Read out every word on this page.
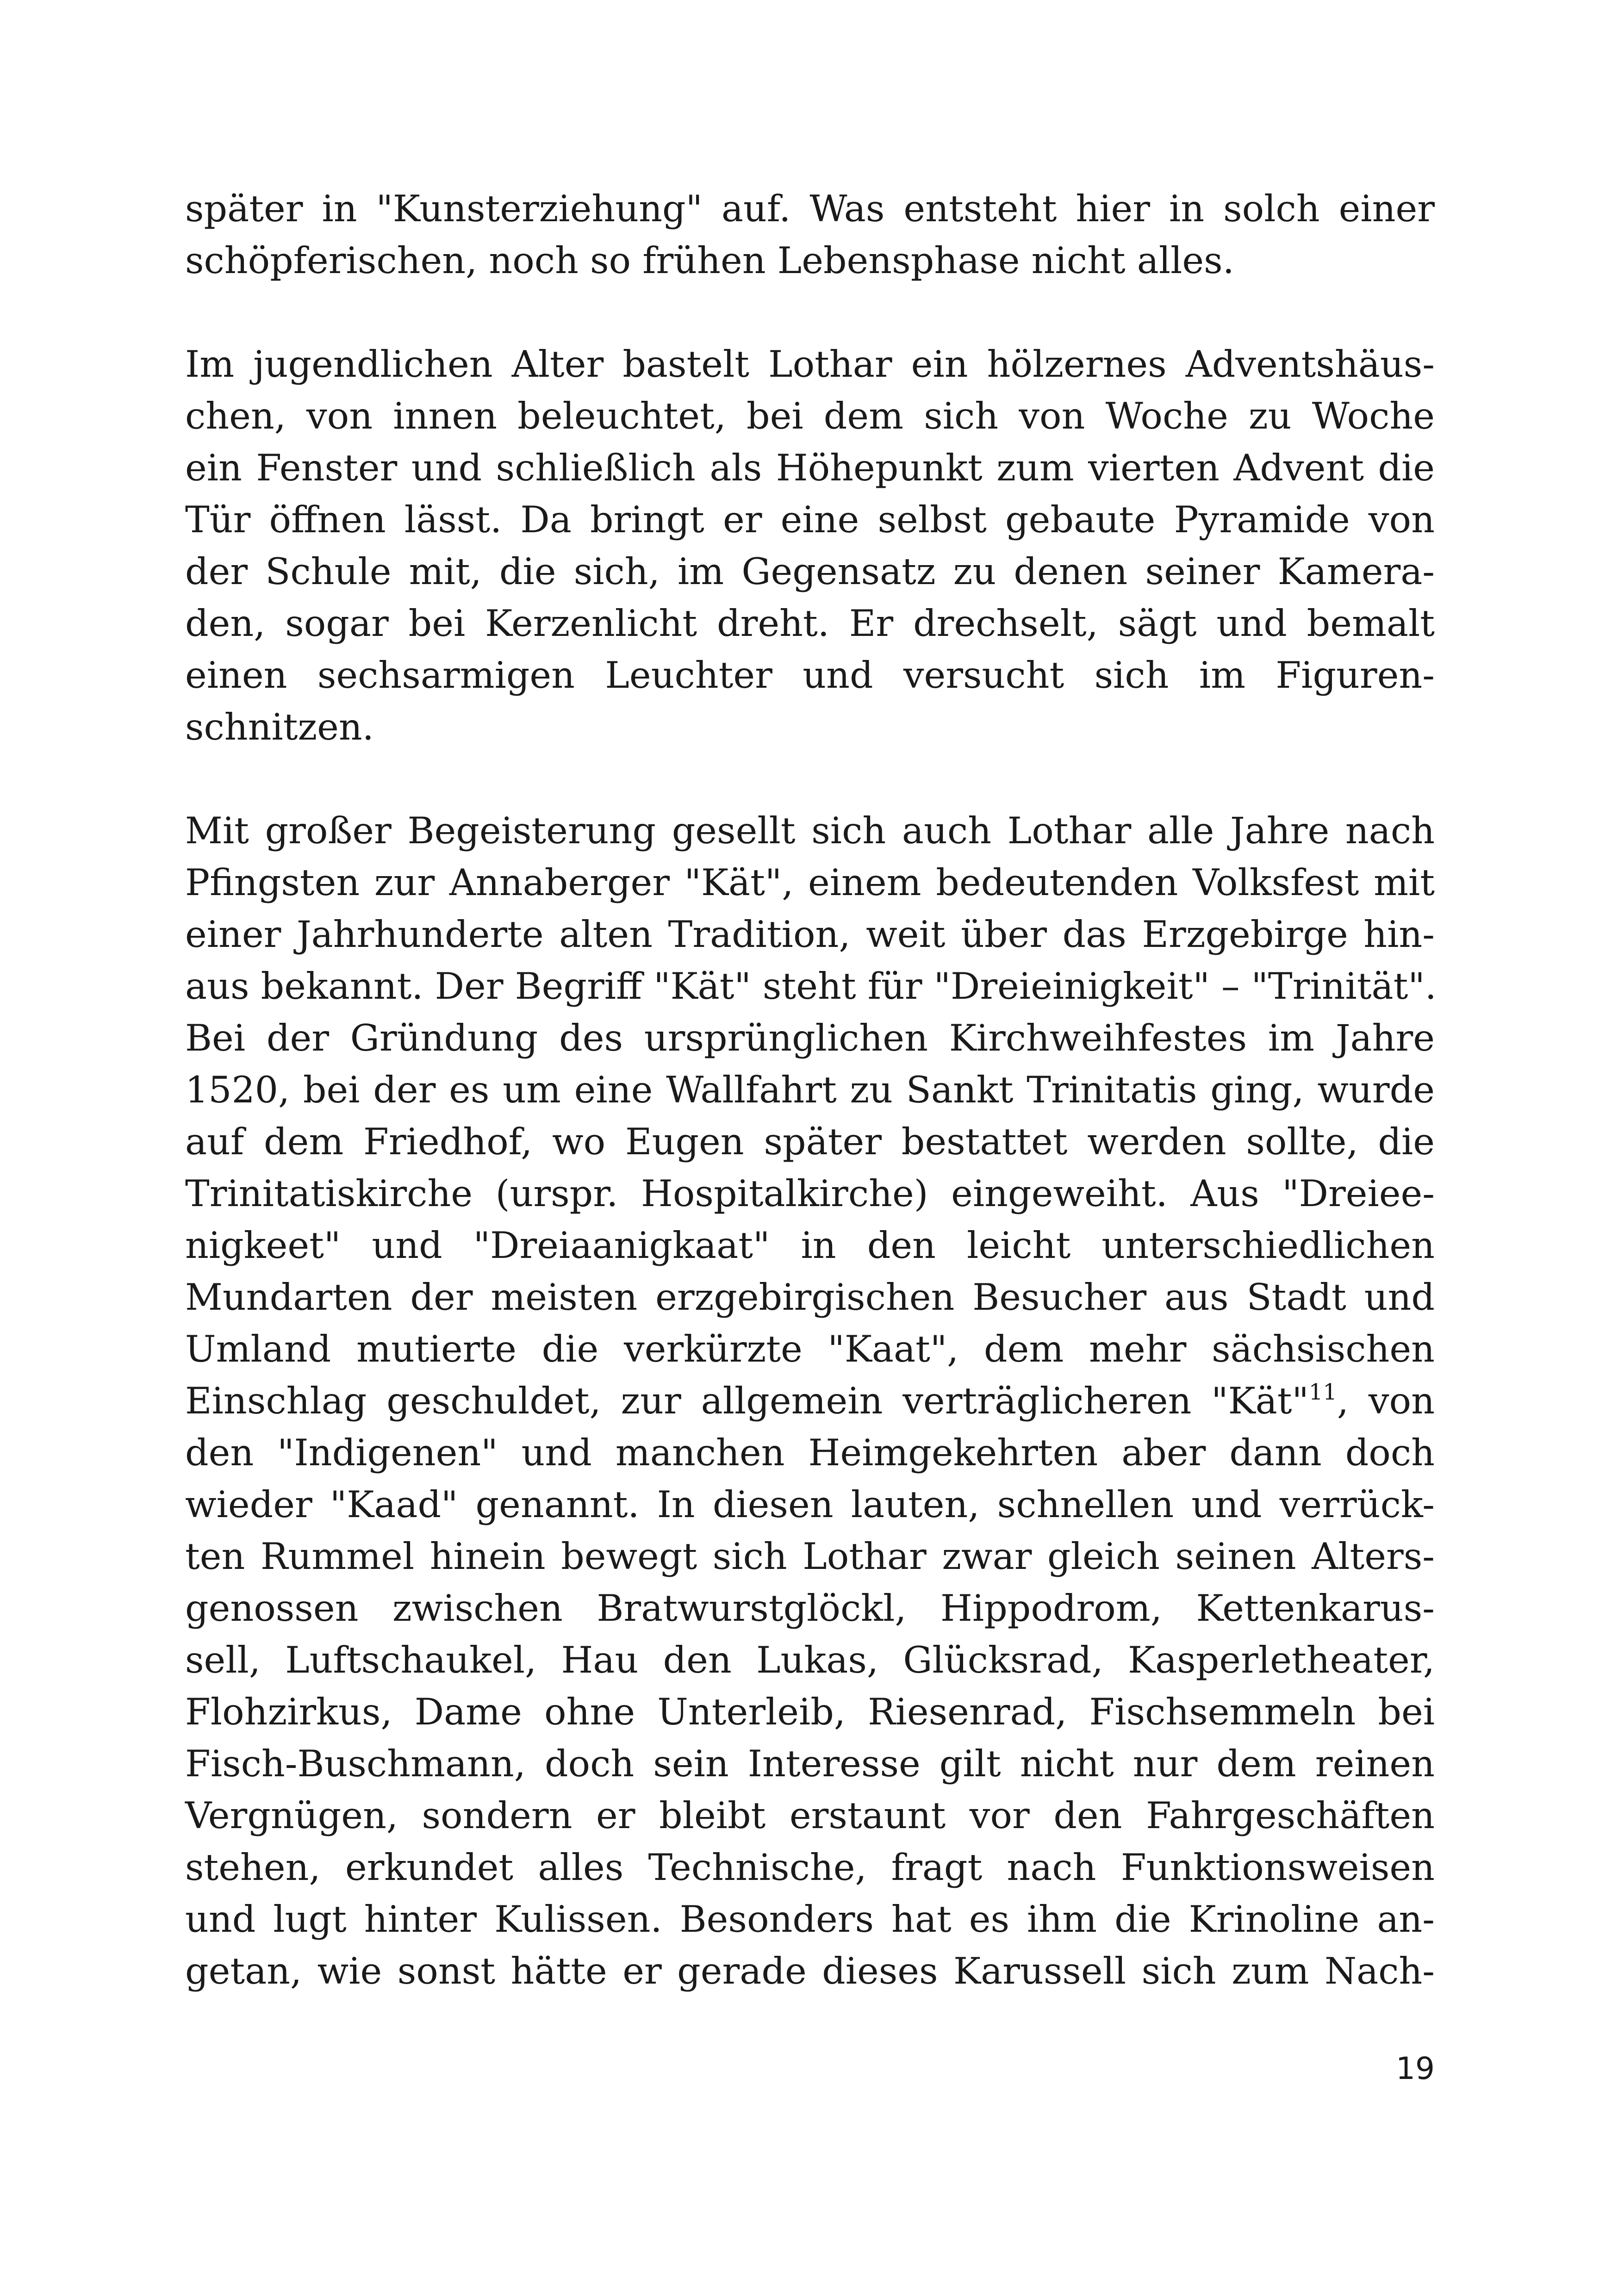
später in "Kunsterziehung" auf. Was entsteht hier in solch einer
schöpferischen, noch so frühen Lebensphase nicht alles.

Im jugendlichen Alter bastelt Lothar ein hölzernes Adventshäus-
chen, von innen beleuchtet, bei dem sich von Woche zu Woche
ein Fenster und schließlich als Höhepunkt zum vierten Advent die
Tür öffnen lässt. Da bringt er eine selbst gebaute Pyramide von
der Schule mit, die sich, im Gegensatz zu denen seiner Kamera-
den, sogar bei Kerzenlicht dreht. Er drechselt, sägt und bemalt
einen sechsarmigen Leuchter und versucht sich im Figuren-
schnitzen.

Mit großer Begeisterung gesellt sich auch Lothar alle Jahre nach
Pfingsten zur Annaberger "Kät", einem bedeutenden Volksfest mit
einer Jahrhunderte alten Tradition, weit über das Erzgebirge hin-
aus bekannt. Der Begriff "Kät" steht für "Dreieinigkeit" – "Trinität".
Bei der Gründung des ursprünglichen Kirchweihfestes im Jahre
1520, bei der es um eine Wallfahrt zu Sankt Trinitatis ging, wurde
auf dem Friedhof, wo Eugen später bestattet werden sollte, die
Trinitatiskirche (urspr. Hospitalkirche) eingeweiht. Aus "Dreiee-
nigkeet" und "Dreiaanigkaat" in den leicht unterschiedlichen
Mundarten der meisten erzgebirgischen Besucher aus Stadt und
Umland mutierte die verkürzte "Kaat", dem mehr sächsischen
Einschlag geschuldet, zur allgemein verträglicheren "Kät"$^{11}$, von
den "Indigenen" und manchen Heimgekehrten aber dann doch
wieder "Kaad" genannt. In diesen lauten, schnellen und verrück-
ten Rummel hinein bewegt sich Lothar zwar gleich seinen Alters-
genossen zwischen Bratwurstglöckl, Hippodrom, Kettenkarus-
sell, Luftschaukel, Hau den Lukas, Glücksrad, Kasperletheater,
Flohzirkus, Dame ohne Unterleib, Riesenrad, Fischsemmeln bei
Fisch-Buschmann, doch sein Interesse gilt nicht nur dem reinen
Vergnügen, sondern er bleibt erstaunt vor den Fahrgeschäften
stehen, erkundet alles Technische, fragt nach Funktionsweisen
und lugt hinter Kulissen. Besonders hat es ihm die Krinoline an-
getan, wie sonst hätte er gerade dieses Karussell sich zum Nach-

19
